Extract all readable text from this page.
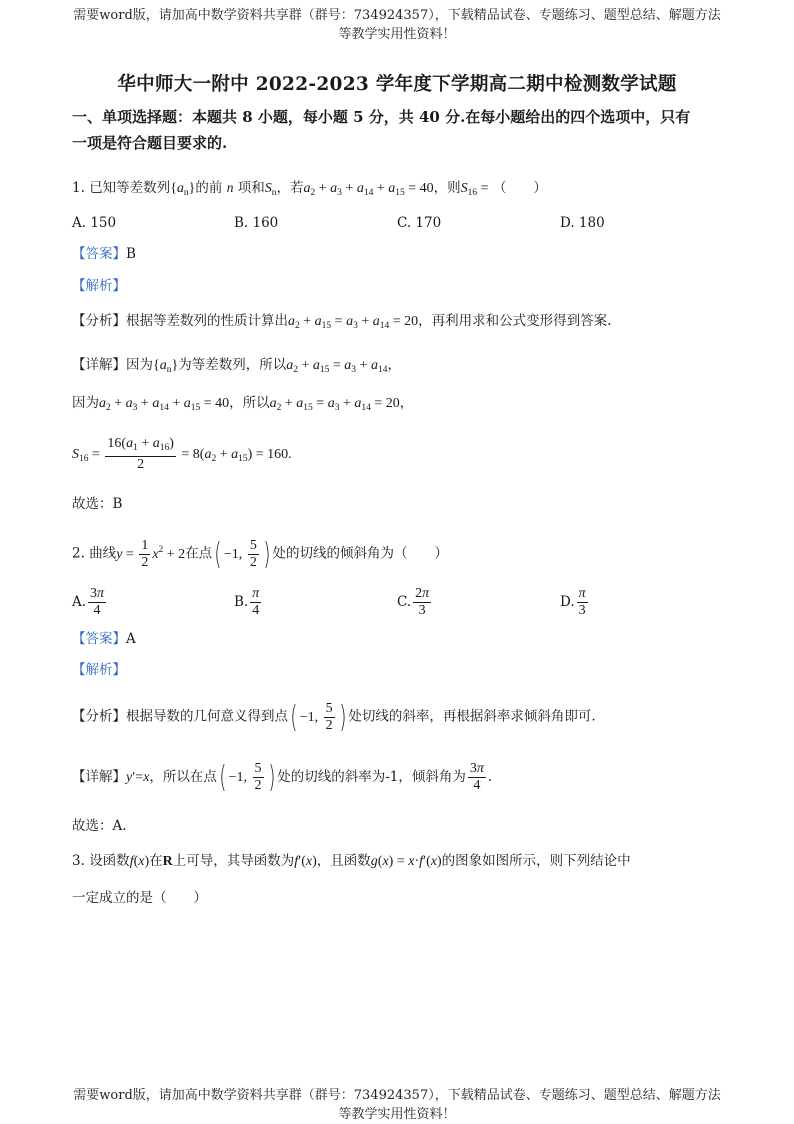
需要word版，请加高中数学资料共享群（群号：734924357），下载精品试卷、专题练习、题型总结、解题方法
等教学实用性资料！
华中师大一附中 2022-2023 学年度下学期高二期中检测数学试题
一、单项选择题：本题共 8 小题，每小题 5 分，共 40 分.在每小题给出的四个选项中，只有
一项是符合题目要求的.
1. 已知等差数列$\{a_n\}$的前 n 项和$S_n$，若$a_2 + a_3 + a_{14} + a_{15} = 40$，则$S_{16}$ = （　　）
A. 150	B. 160	C. 170	D. 180
【答案】B
【解析】
【分析】根据等差数列的性质计算出$a_2 + a_{15} = a_3 + a_{14} = 20$，再利用求和公式变形得到答案.
【详解】因为$\{a_n\}$为等差数列，所以$a_2 + a_{15} = a_3 + a_{14}$，
因为$a_2 + a_3 + a_{14} + a_{15} = 40$，所以$a_2 + a_{15} = a_3 + a_{14} = 20$，
$S_{16} = \frac{16(a_1 + a_{16})}{2} = 8(a_2 + a_{15}) = 160$.
故选：B
2. 曲线$y = \frac{1}{2} x^2 + 2$在点( −1, $\frac{5}{2}$ ) 处的切线的倾斜角为（　　）
A. $\frac{3\pi}{4}$	B. $\frac{\pi}{4}$	C. $\frac{2\pi}{3}$	D. $\frac{\pi}{3}$
【答案】A
【解析】
【分析】根据导数的几何意义得到点( −1, $\frac{5}{2}$ ) 处切线的斜率，再根据斜率求倾斜角即可.
【详解】y′=x，所以在点( −1, $\frac{5}{2}$ ) 处的切线的斜率为-1，倾斜角为 $\frac{3\pi}{4}$ .
故选：A.
3. 设函数f(x)在R上可导，其导函数为f′(x)，且函数g(x) = x·f′(x)的图象如图所示，则下列结论中
一定成立的是（　　）
需要word版，请加高中数学资料共享群（群号：734924357），下载精品试卷、专题练习、题型总结、解题方法
等教学实用性资料！
